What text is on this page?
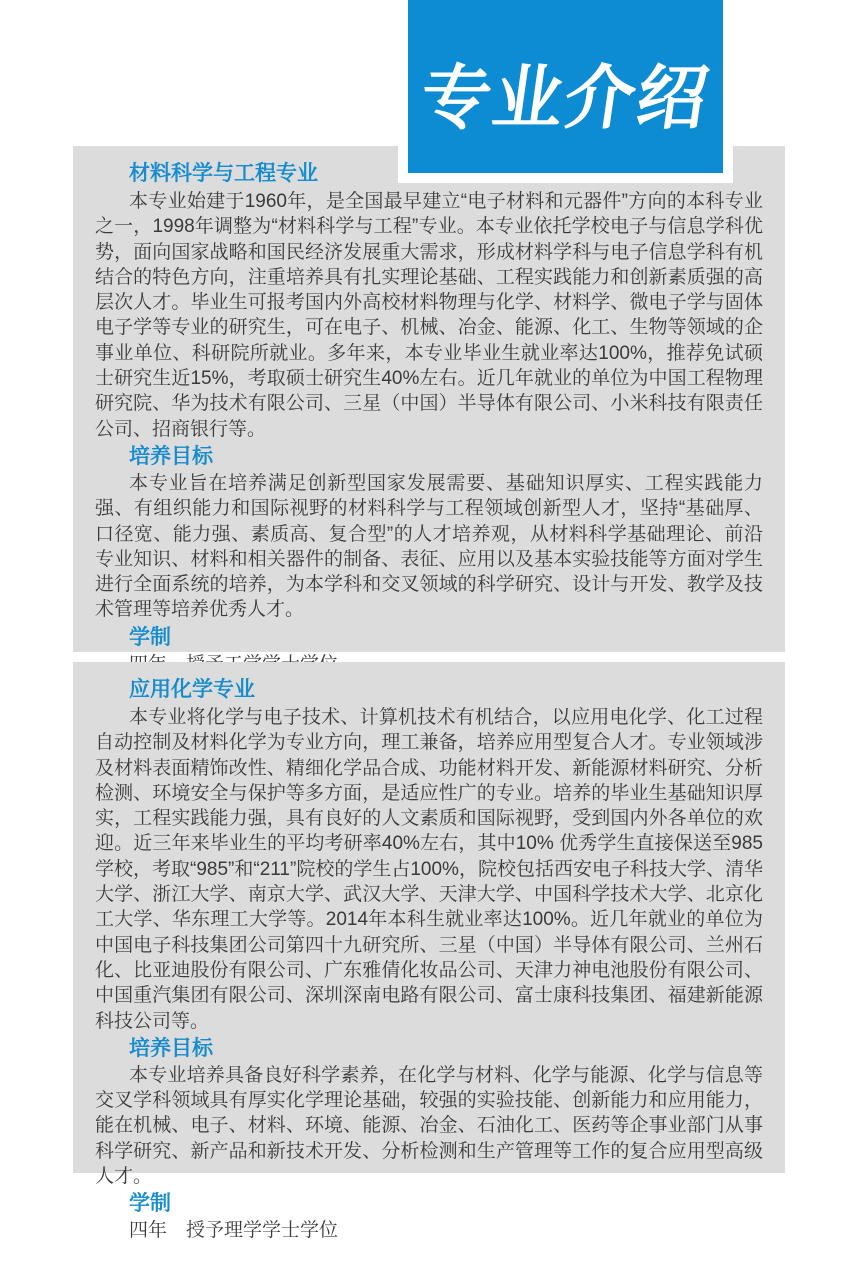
专业介绍
材料科学与工程专业

本专业始建于1960年，是全国最早建立“电子材料和元器件”方向的本科专业之一，1998年调整为“材料科学与工程”专业。本专业依托学校电子与信息学科优势，面向国家战略和国民经济发展重大需求，形成材料学科与电子信息学科有机结合的特色方向，注重培养具有扎实理论基础、工程实践能力和创新素质强的高层次人才。毕业生可报考国内外高校材料物理与化学、材料学、微电子学与固体电子学等专业的研究生，可在电子、机械、冶金、能源、化工、生物等领域的企事业单位、科研院所就业。多年来，本专业毕业生就业率达100%，推荐免试硕士研究生近15%，考取硕士研究生40%左右。近几年就业的单位为中国工程物理研究院、华为技术有限公司、三星（中国）半导体有限公司、小米科技有限责任公司、招商银行等。

培养目标

本专业旨在培养满足创新型国家发展需要、基础知识厚实、工程实践能力强、有组织能力和国际视野的材料科学与工程领域创新型人才，坚持“基础厚、口径宽、能力强、素质高、复合型”的人才培养观，从材料科学基础理论、前沿专业知识、材料和相关器件的制备、表征、应用以及基本实验技能等方面对学生进行全面系统的培养，为本学科和交叉领域的科学研究、设计与开发、教学及技术管理等培养优秀人才。

学制
应用化学专业

本专业将化学与电子技术、计算机技术有机结合，以应用电化学、化工过程自动控制及材料化学为专业方向，理工兼备，培养应用型复合人才。专业领域涉及材料表面精饰改性、精细化学品合成、功能材料开发、新能源材料研究、分析检测、环境安全与保护等多方面，是适应性广的专业。培养的毕业生基础知识厚实，工程实践能力强，具有良好的人文素质和国际视野，受到国内外各单位的欢迎。近三年来毕业生的平均考研率40%左右，其中10% 优秀学生直接保送至985学校，考取“985”和“211”院校的学生占100%，院校包括西安电子科技大学、清华大学、浙江大学、南京大学、武汉大学、天津大学、中国科学技术大学、北京化工大学、华东理工大学等。2014年本科生就业率达100%。近几年就业的单位为中国电子科技集团公司第四十九研究所、三星（中国）半导体有限公司、兰州石化、比亚迪股份有限公司、广东雅倩化妆品公司、天津力神电池股份有限公司、中国重汽集团有限公司、深圳深南电路有限公司、富士康科技集团、福建新能源科技公司等。

培养目标

本专业培养具备良好科学素养，在化学与材料、化学与能源、化学与信息等交叉学科领域具有厚实化学理论基础，较强的实验技能、创新能力和应用能力，能在机械、电子、材料、环境、能源、冶金、石油化工、医药等企事业部门从事科学研究、新产品和新技术开发、分析检测和生产管理等工作的复合应用型高级人才。

学制
四年　授予理学学士学位
